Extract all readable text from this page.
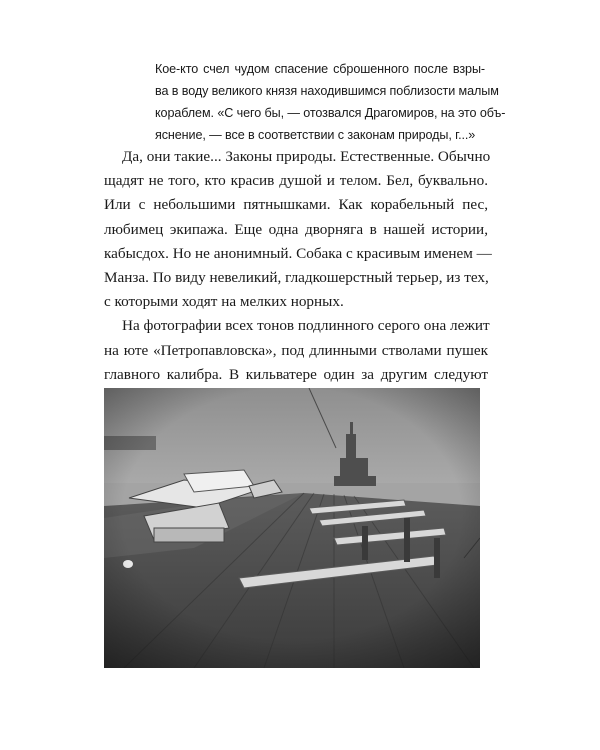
Кое-кто счел чудом спасение сброшенного после взры-
ва в воду великого князя находившимся поблизости малым
кораблем. «С чего бы, — отозвался Драгомиров, на это объ-
яснение, — все в соответствии с законам природы, г...»
Да, они такие... Законы природы. Естественные. Обычно
щадят не того, кто красив душой и телом. Бел, буквально.
Или с небольшими пятнышками. Как корабельный пес,
любимец экипажа. Еще одна дворняга в нашей истории,
кабысдох. Но не анонимный. Собака с красивым именем —
Манза. По виду невеликий, гладкошерстный терьер, из тех,
с которыми ходят на мелких норных.
На фотографии всех тонов подлинного серого она лежит
на юте «Петропавловска», под длинными стволами пушек
главного калибра. В кильватере один за другим следуют
